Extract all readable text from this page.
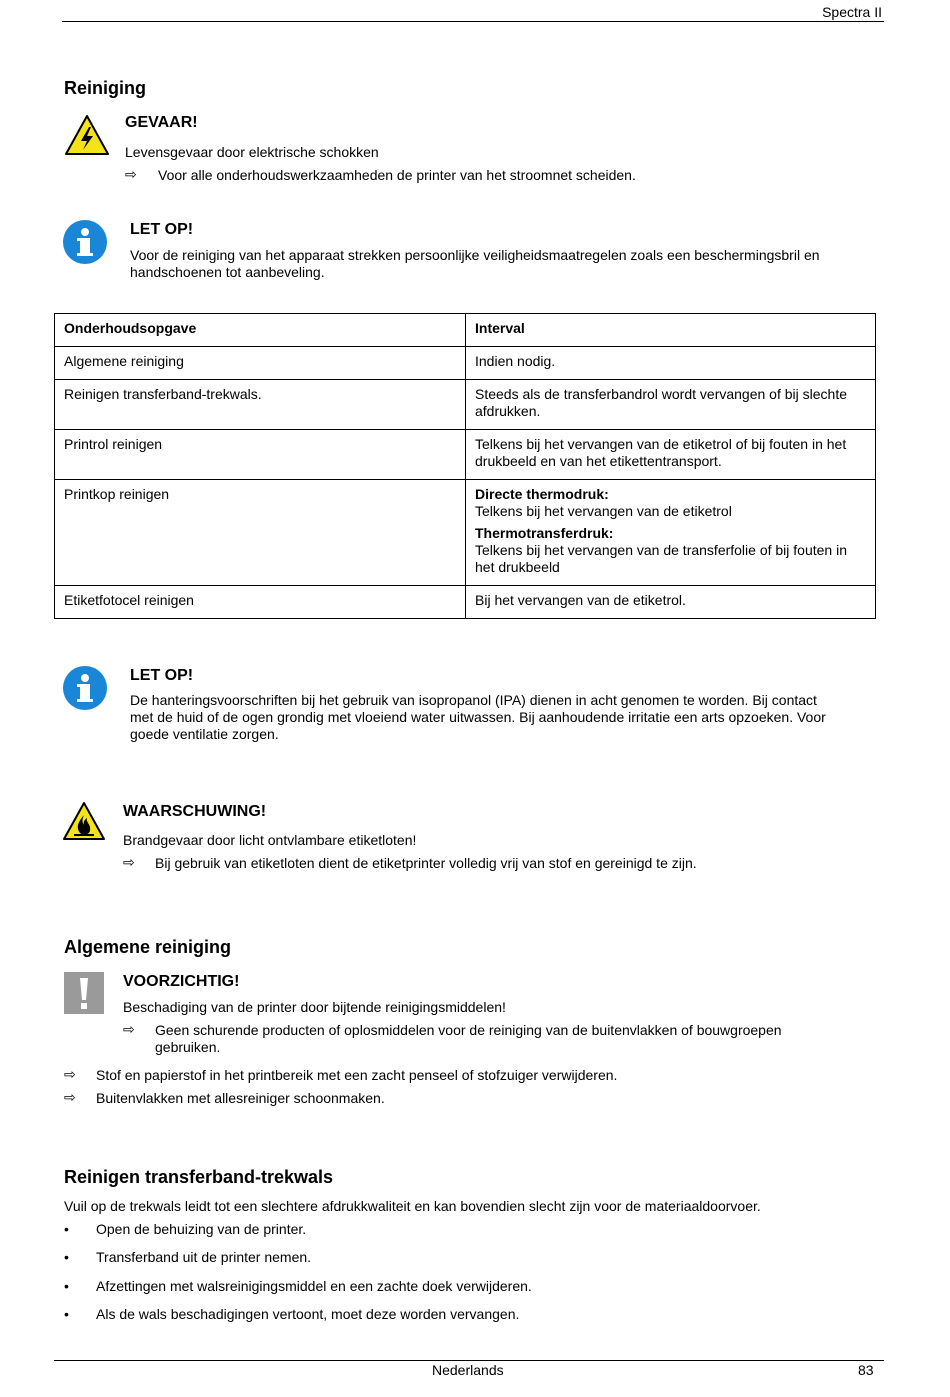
Spectra II
Reiniging
GEVAAR!
Levensgevaar door elektrische schokken
⇨ Voor alle onderhoudswerkzaamheden de printer van het stroomnet scheiden.
LET OP!
Voor de reiniging van het apparaat strekken persoonlijke veiligheidsmaatregelen zoals een beschermingsbril en
handschoenen tot aanbeveling.
Onderhoudsopgave	Interval
Algemene reiniging	Indien nodig.

Reinigen transferband-trekwals.	Steeds als de transferbandrol wordt vervangen of bij slechte
afdrukken.

Printrol reinigen	Telkens bij het vervangen van de etiketrol of bij fouten in het
drukbeeld en van het etikettentransport.

Printkop reinigen	Directe thermodruk:
Telkens bij het vervangen van de etiketrol
Thermotransferdruk:
Telkens bij het vervangen van de transferfolie of bij fouten in
het drukbeeld

Etiketfotocel reinigen	Bij het vervangen van de etiketrol.
LET OP!
De hanteringsvoorschriften bij het gebruik van isopropanol (IPA) dienen in acht genomen te worden. Bij contact
met de huid of de ogen grondig met vloeiend water uitwassen. Bij aanhoudende irritatie een arts opzoeken. Voor
goede ventilatie zorgen.
WAARSCHUWING!
Brandgevaar door licht ontvlambare etiketloten!
⇨ Bij gebruik van etiketloten dient de etiketprinter volledig vrij van stof en gereinigd te zijn.
Algemene reiniging
VOORZICHTIG!
Beschadiging van de printer door bijtende reinigingsmiddelen!
⇨ Geen schurende producten of oplosmiddelen voor de reiniging van de buitenvlakken of bouwgroepen
gebruiken.
⇨ Stof en papierstof in het printbereik met een zacht penseel of stofzuiger verwijderen.
⇨ Buitenvlakken met allesreiniger schoonmaken.
Reinigen transferband-trekwals
Vuil op de trekwals leidt tot een slechtere afdrukkwaliteit en kan bovendien slecht zijn voor de materiaaldoorvoer.
• Open de behuizing van de printer.
• Transferband uit de printer nemen.
• Afzettingen met walsreinigingsmiddel en een zachte doek verwijderen.
• Als de wals beschadigingen vertoont, moet deze worden vervangen.
Nederlands	83
